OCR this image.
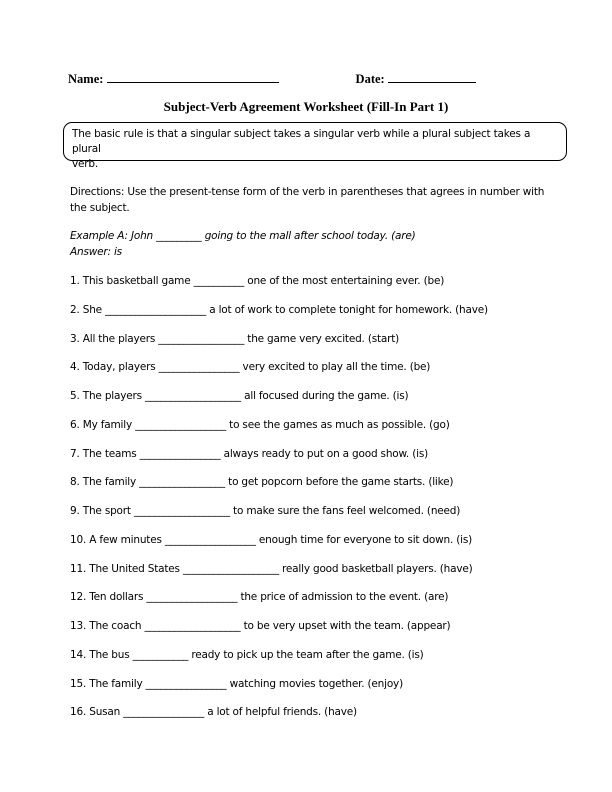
Name:	Date:
Subject-Verb Agreement Worksheet (Fill-In Part 1)
The basic rule is that a singular subject takes a singular verb while a plural subject takes a plural
verb.
Directions: Use the present-tense form of the verb in parentheses that agrees in number with
the subject.
Example A: John _________ going to the mall after school today. (are)
Answer: is

1. This basketball game __________ one of the most entertaining ever. (be)

2. She ____________________ a lot of work to complete tonight for homework. (have)

3. All the players _________________ the game very excited. (start)

4. Today, players ________________ very excited to play all the time. (be)

5. The players ___________________ all focused during the game. (is)

6. My family __________________ to see the games as much as possible. (go)

7. The teams ________________ always ready to put on a good show. (is)

8. The family _________________ to get popcorn before the game starts. (like)

9. The sport ___________________ to make sure the fans feel welcomed. (need)

10. A few minutes __________________ enough time for everyone to sit down. (is)

11. The United States ___________________ really good basketball players. (have)

12. Ten dollars __________________ the price of admission to the event. (are)

13. The coach ___________________ to be very upset with the team. (appear)

14. The bus ___________ ready to pick up the team after the game. (is)

15. The family ________________ watching movies together. (enjoy)

16. Susan ________________ a lot of helpful friends. (have)
